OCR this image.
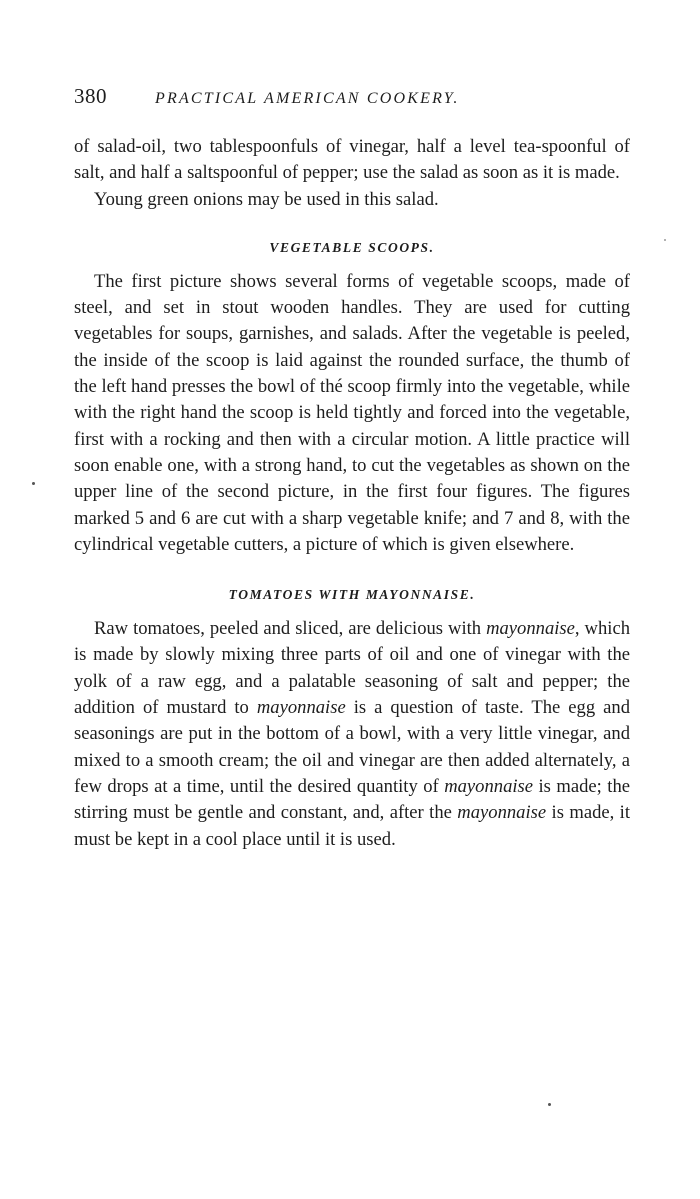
380	PRACTICAL AMERICAN COOKERY.

of salad-oil, two tablespoonfuls of vinegar, half a level tea-spoonful of salt, and half a saltspoonful of pepper; use the salad as soon as it is made.

Young green onions may be used in this salad.

VEGETABLE SCOOPS.

The first picture shows several forms of vegetable scoops, made of steel, and set in stout wooden handles. They are used for cutting vegetables for soups, garnishes, and salads. After the vegetable is peeled, the inside of the scoop is laid against the rounded surface, the thumb of the left hand presses the bowl of thé scoop firmly into the vegetable, while with the right hand the scoop is held tightly and forced into the vegetable, first with a rocking and then with a circular motion. A little practice will soon enable one, with a strong hand, to cut the vegetables as shown on the upper line of the second picture, in the first four figures. The figures marked 5 and 6 are cut with a sharp vegetable knife; and 7 and 8, with the cylindrical vegetable cutters, a picture of which is given elsewhere.

TOMATOES WITH MAYONNAISE.

Raw tomatoes, peeled and sliced, are delicious with mayonnaise, which is made by slowly mixing three parts of oil and one of vinegar with the yolk of a raw egg, and a palatable seasoning of salt and pepper; the addition of mustard to mayonnaise is a question of taste. The egg and seasonings are put in the bottom of a bowl, with a very little vinegar, and mixed to a smooth cream; the oil and vinegar are then added alternately, a few drops at a time, until the desired quantity of mayonnaise is made; the stirring must be gentle and constant, and, after the mayonnaise is made, it must be kept in a cool place until it is used.
